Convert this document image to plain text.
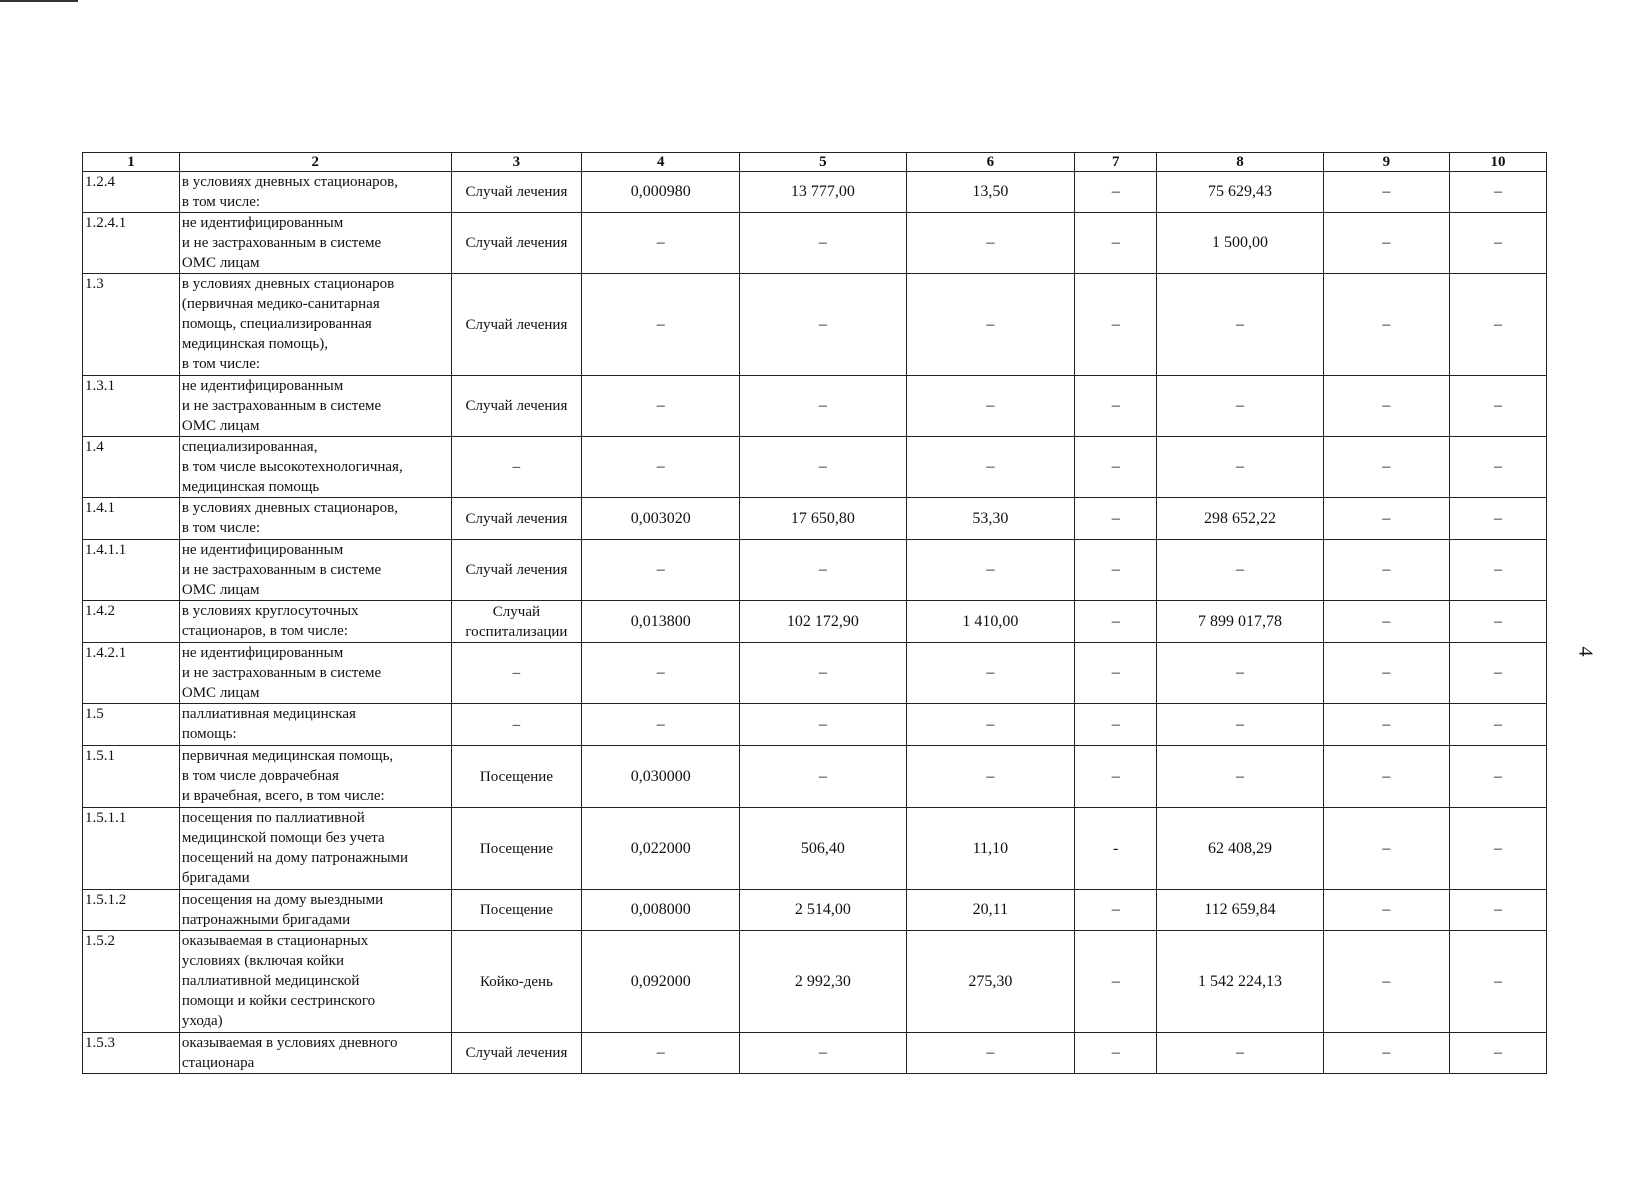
4
1	2	3	4	5	6	7	8	9	10
1.2.4	в условиях дневных стационаров,
в том числе:	Случай лечения	0,000980	13 777,00	13,50	–	75 629,43	–	–
1.2.4.1	не идентифицированным
и не застрахованным в системе
ОМС лицам	Случай лечения	–	–	–	–	1 500,00	–	–
1.3	в условиях дневных стационаров
(первичная медико-санитарная
помощь, специализированная
медицинская помощь),
в том числе:	Случай лечения	–	–	–	–	–	–	–
1.3.1	не идентифицированным
и не застрахованным в системе
ОМС лицам	Случай лечения	–	–	–	–	–	–	–
1.4	специализированная,
в том числе высокотехнологичная,
медицинская помощь	–	–	–	–	–	–	–	–
1.4.1	в условиях дневных стационаров,
в том числе:	Случай лечения	0,003020	17 650,80	53,30	–	298 652,22	–	–
1.4.1.1	не идентифицированным
и не застрахованным в системе
ОМС лицам	Случай лечения	–	–	–	–	–	–	–
1.4.2	в условиях круглосуточных
стационаров, в том числе:	Случай
госпитализации	0,013800	102 172,90	1 410,00	–	7 899 017,78	–	–
1.4.2.1	не идентифицированным
и не застрахованным в системе
ОМС лицам	–	–	–	–	–	–	–	–
1.5	паллиативная медицинская
помощь:	–	–	–	–	–	–	–	–
1.5.1	первичная медицинская помощь,
в том числе доврачебная
и врачебная, всего, в том числе:	Посещение	0,030000	–	–	–	–	–	–
1.5.1.1	посещения по паллиативной
медицинской помощи без учета
посещений на дому патронажными
бригадами	Посещение	0,022000	506,40	11,10	-	62 408,29	–	–
1.5.1.2	посещения на дому выездными
патронажными бригадами	Посещение	0,008000	2 514,00	20,11	–	112 659,84	–	–
1.5.2	оказываемая в стационарных
условиях (включая койки
паллиативной медицинской
помощи и койки сестринского
ухода)	Койко-день	0,092000	2 992,30	275,30	–	1 542 224,13	–	–
1.5.3	оказываемая в условиях дневного
стационара	Случай лечения	–	–	–	–	–	–	–
